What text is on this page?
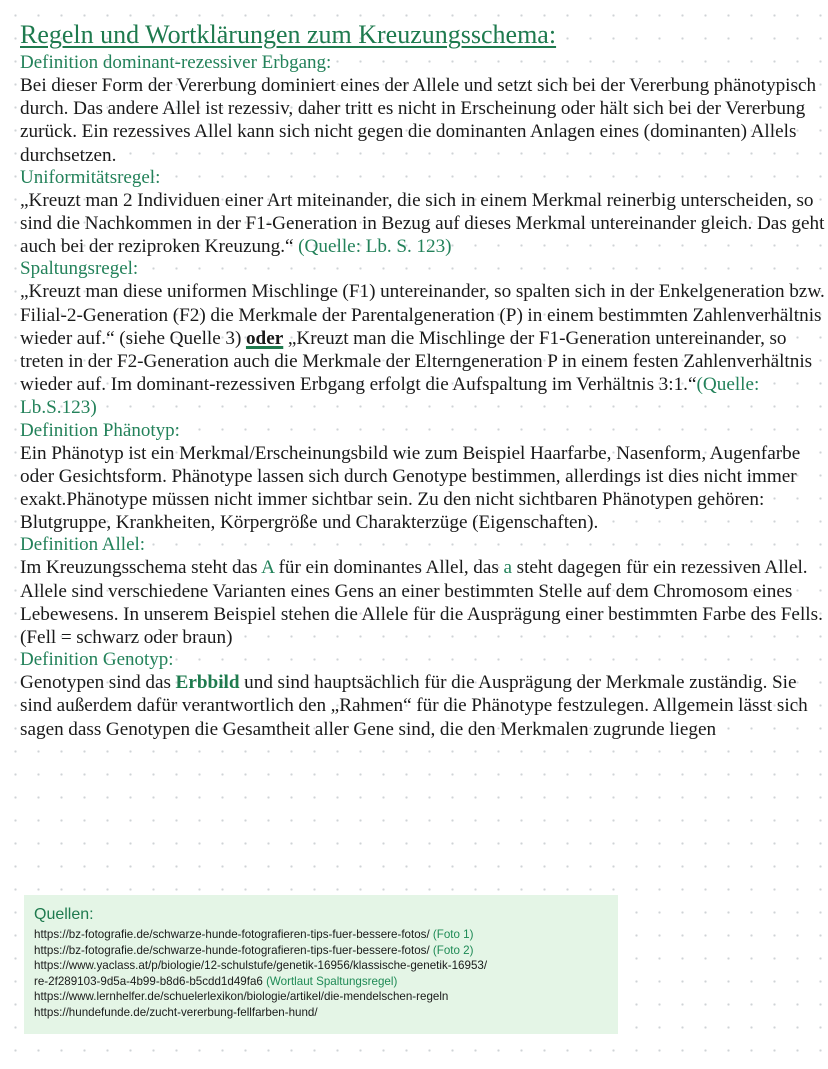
Regeln und Wortklärungen zum Kreuzungsschema:
Definition dominant-rezessiver Erbgang:

Bei dieser Form der Vererbung dominiert eines der Allele und setzt sich bei der Vererbung phänotypisch durch. Das andere Allel ist rezessiv, daher tritt es nicht in Erscheinung oder hält sich bei der Vererbung zurück. Ein rezessives Allel kann sich nicht gegen die dominanten Anlagen eines (dominanten) Allels durchsetzen.

Uniformitätsregel:

„Kreuzt man 2 Individuen einer Art miteinander, die sich in einem Merkmal reinerbig unterscheiden, so sind die Nachkommen in der F1-Generation in Bezug auf dieses Merkmal untereinander gleich. Das geht auch bei der reziproken Kreuzung.“ (Quelle: Lb. S. 123)

Spaltungsregel:

„Kreuzt man diese uniformen Mischlinge (F1) untereinander, so spalten sich in der Enkelgeneration bzw. Filial-2-Generation (F2) die Merkmale der Parentalgeneration (P) in einem bestimmten Zahlenverhältnis wieder auf.“ (siehe Quelle 3) oder „Kreuzt man die Mischlinge der F1-Generation untereinander, so treten in der F2-Generation auch die Merkmale der Elterngeneration P in einem festen Zahlenverhältnis wieder auf. Im dominant-rezessiven Erbgang erfolgt die Aufspaltung im Verhältnis 3:1.“(Quelle: Lb.S.123)

Definition Phänotyp:

Ein Phänotyp ist ein Merkmal/Erscheinungsbild wie zum Beispiel Haarfarbe, Nasenform, Augenfarbe oder Gesichtsform. Phänotype lassen sich durch Genotype bestimmen, allerdings ist dies nicht immer exakt.Phänotype müssen nicht immer sichtbar sein. Zu den nicht sichtbaren Phänotypen gehören: Blutgruppe, Krankheiten, Körpergröße und Charakterzüge (Eigenschaften).

Definition Allel:

Im Kreuzungsschema steht das A für ein dominantes Allel, das a steht dagegen für ein rezessiven Allel. Allele sind verschiedene Varianten eines Gens an einer bestimmten Stelle auf dem Chromosom eines Lebewesens. In unserem Beispiel stehen die Allele für die Ausprägung einer bestimmten Farbe des Fells. (Fell = schwarz oder braun)

Definition Genotyp:

Genotypen sind das Erbbild und sind hauptsächlich für die Ausprägung der Merkmale zuständig. Sie sind außerdem dafür verantwortlich den „Rahmen“ für die Phänotype festzulegen. Allgemein lässt sich sagen dass Genotypen die Gesamtheit aller Gene sind, die den Merkmalen zugrunde liegen

Quellen:

https://bz-fotografie.de/schwarze-hunde-fotografieren-tips-fuer-bessere-fotos/ (Foto 1)

https://bz-fotografie.de/schwarze-hunde-fotografieren-tips-fuer-bessere-fotos/ (Foto 2)

https://www.yaclass.at/p/biologie/12-schulstufe/genetik-16956/klassische-genetik-16953/

re-2f289103-9d5a-4b99-b8d6-b5cdd1d49fa6 (Wortlaut Spaltungsregel)

https://www.lernhelfer.de/schuelerlexikon/biologie/artikel/die-mendelschen-regeln

https://hundefunde.de/zucht-vererbung-fellfarben-hund/
